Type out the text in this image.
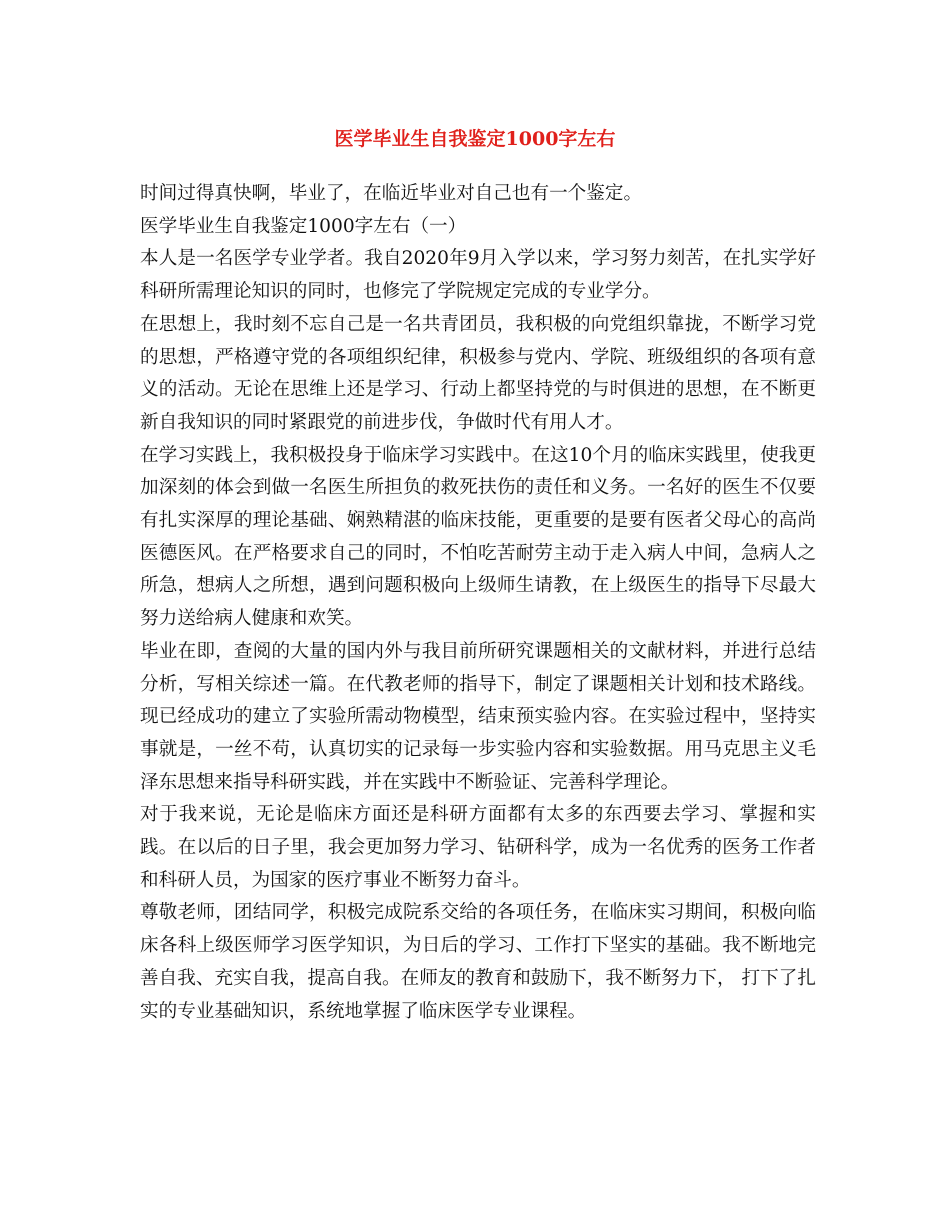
医学毕业生自我鉴定1000字左右

时间过得真快啊，毕业了，在临近毕业对自己也有一个鉴定。

医学毕业生自我鉴定1000字左右（一）

本人是一名医学专业学者。我自2020年9月入学以来，学习努力刻苦，在扎实学好科研所需理论知识的同时，也修完了学院规定完成的专业学分。

在思想上，我时刻不忘自己是一名共青团员，我积极的向党组织靠拢，不断学习党的思想，严格遵守党的各项组织纪律，积极参与党内、学院、班级组织的各项有意义的活动。无论在思维上还是学习、行动上都坚持党的与时俱进的思想，在不断更新自我知识的同时紧跟党的前进步伐，争做时代有用人才。

在学习实践上，我积极投身于临床学习实践中。在这10个月的临床实践里，使我更加深刻的体会到做一名医生所担负的救死扶伤的责任和义务。一名好的医生不仅要有扎实深厚的理论基础、娴熟精湛的临床技能，更重要的是要有医者父母心的高尚医德医风。在严格要求自己的同时，不怕吃苦耐劳主动于走入病人中间，急病人之所急，想病人之所想，遇到问题积极向上级师生请教，在上级医生的指导下尽最大努力送给病人健康和欢笑。

毕业在即，查阅的大量的国内外与我目前所研究课题相关的文献材料，并进行总结分析，写相关综述一篇。在代教老师的指导下，制定了课题相关计划和技术路线。现已经成功的建立了实验所需动物模型，结束预实验内容。在实验过程中，坚持实事就是，一丝不苟，认真切实的记录每一步实验内容和实验数据。用马克思主义毛泽东思想来指导科研实践，并在实践中不断验证、完善科学理论。

对于我来说，无论是临床方面还是科研方面都有太多的东西要去学习、掌握和实践。在以后的日子里，我会更加努力学习、钻研科学，成为一名优秀的医务工作者和科研人员，为国家的医疗事业不断努力奋斗。

尊敬老师，团结同学，积极完成院系交给的各项任务，在临床实习期间，积极向临床各科上级医师学习医学知识，为日后的学习、工作打下坚实的基础。我不断地完善自我、充实自我，提高自我。在师友的教育和鼓励下，我不断努力下， 打下了扎实的专业基础知识，系统地掌握了临床医学专业课程。
